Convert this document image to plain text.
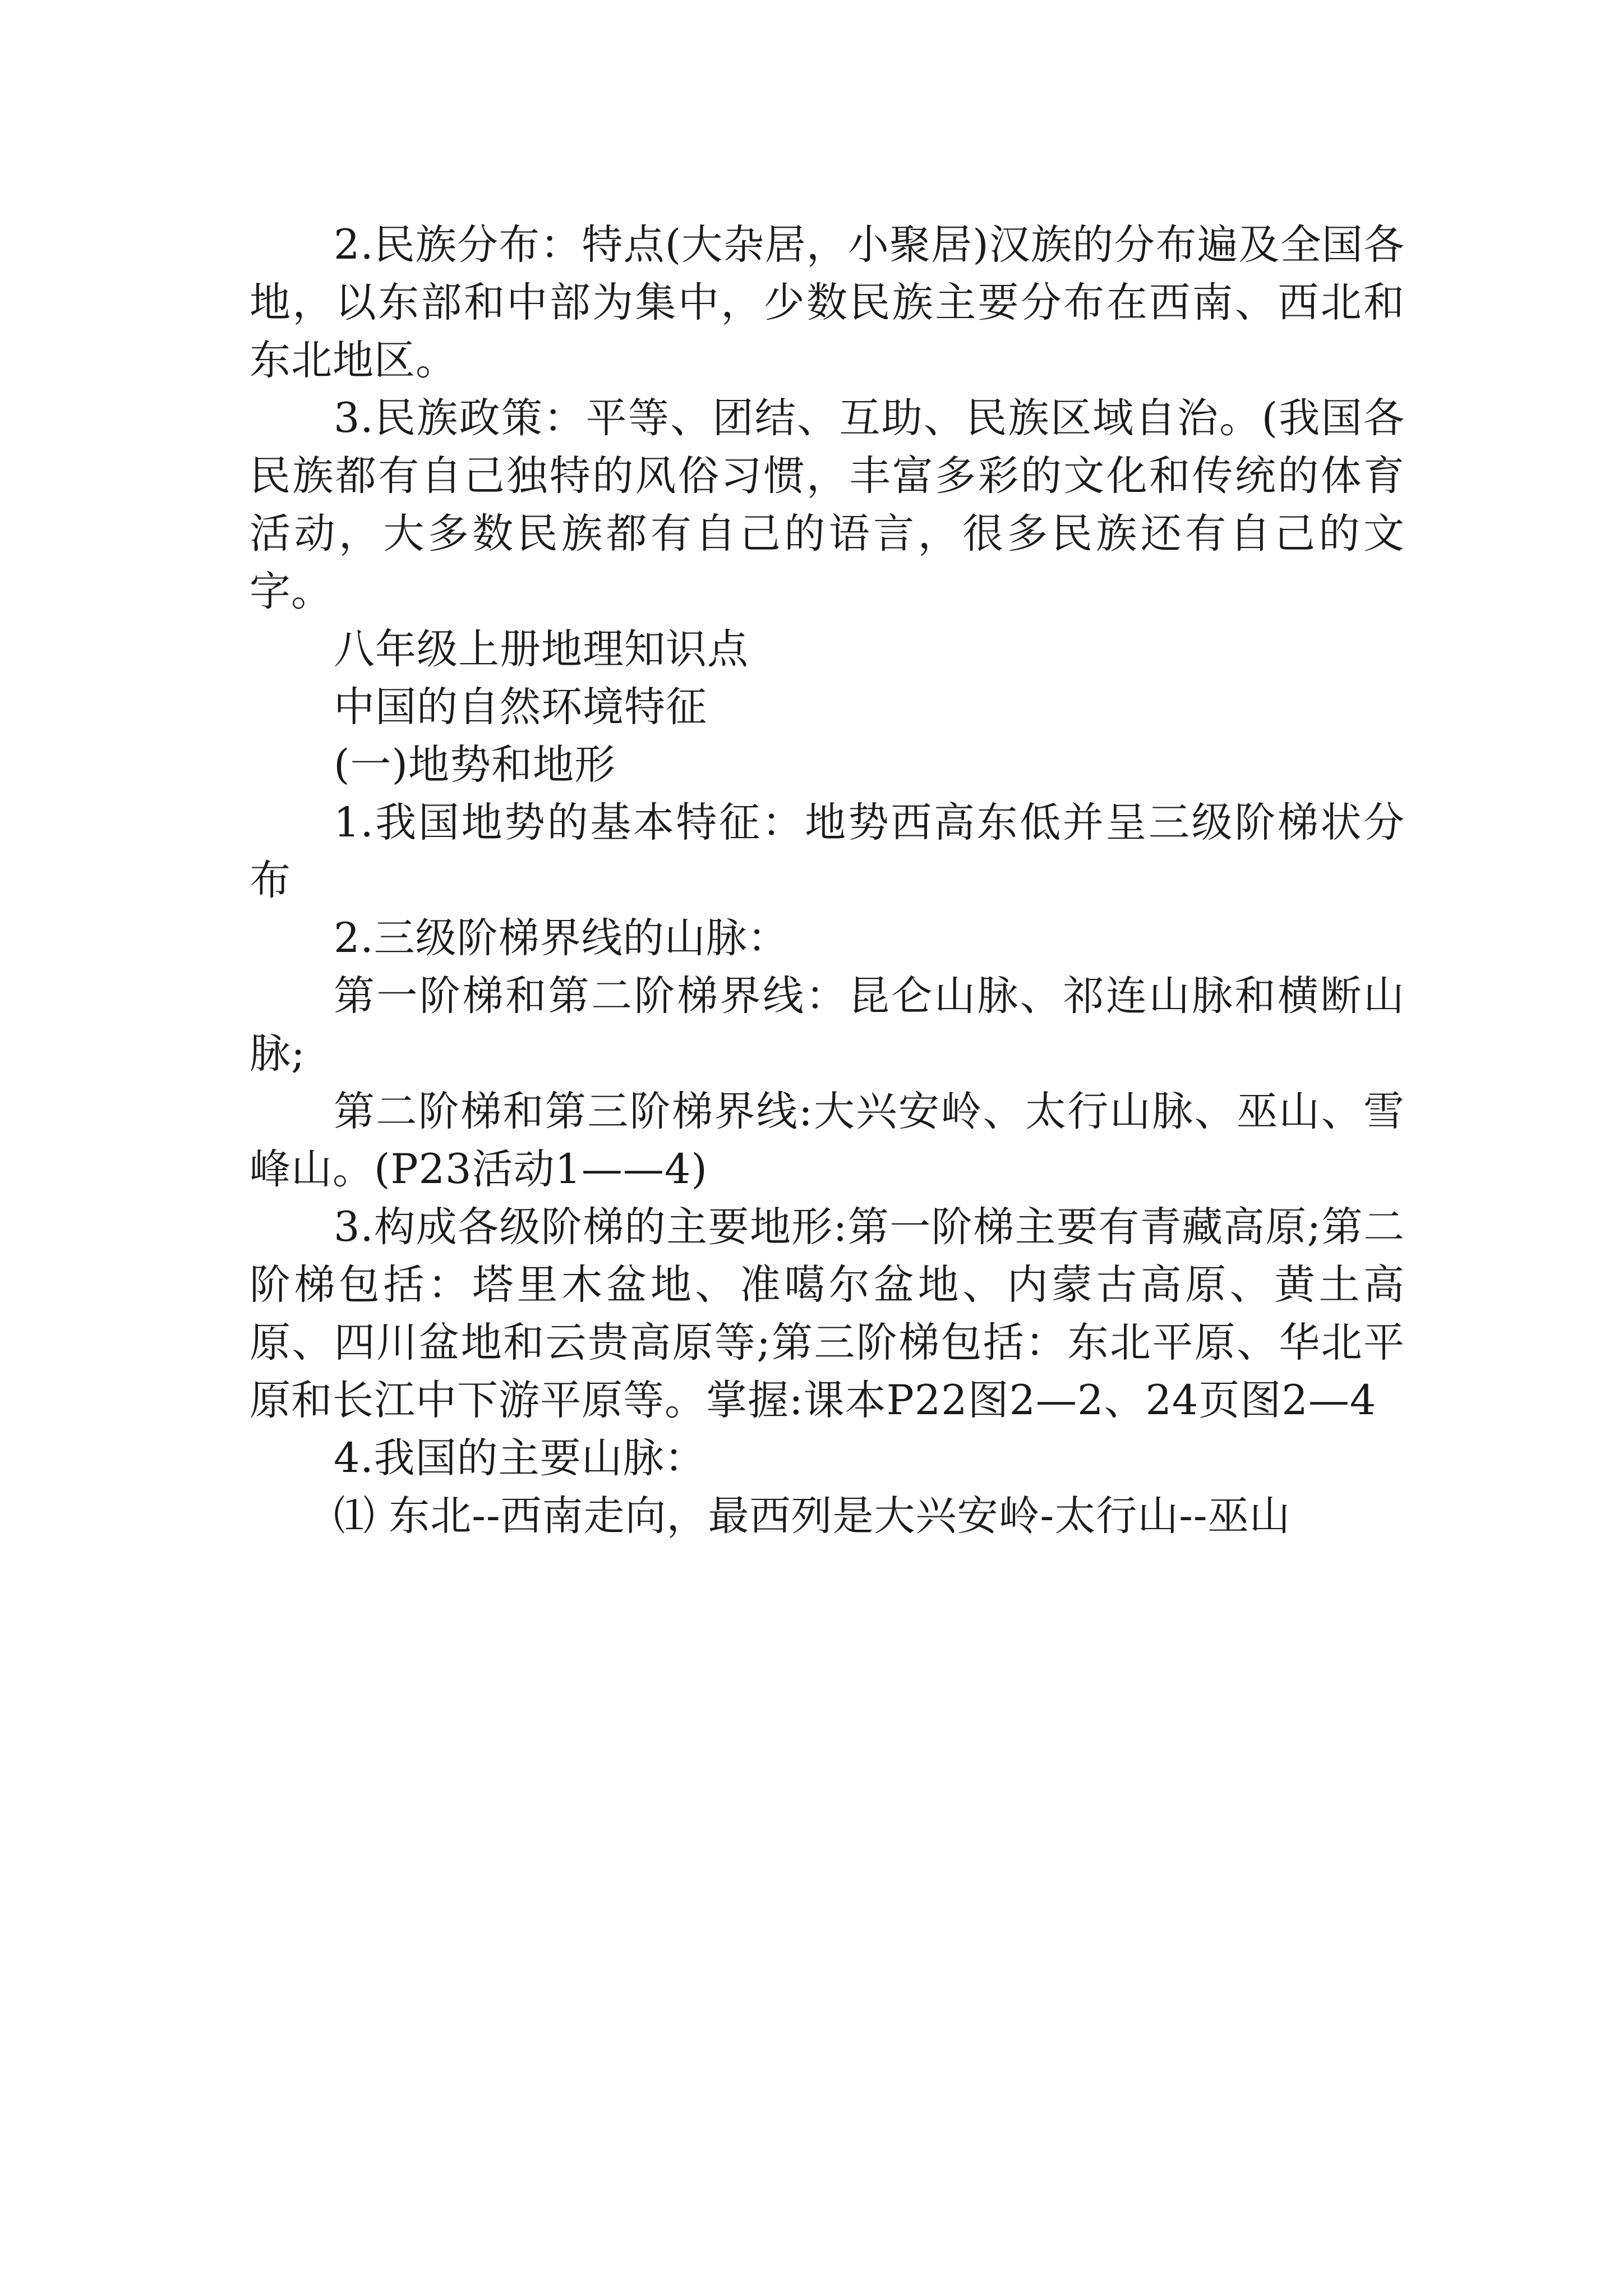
2.民族分布：特点(大杂居，小聚居)汉族的分布遍及全国各地，以东部和中部为集中，少数民族主要分布在西南、西北和东北地区。

3.民族政策：平等、团结、互助、民族区域自治。(我国各民族都有自己独特的风俗习惯，丰富多彩的文化和传统的体育活动，大多数民族都有自己的语言，很多民族还有自己的文字。

八年级上册地理知识点

中国的自然环境特征

(一)地势和地形

1.我国地势的基本特征：地势西高东低并呈三级阶梯状分布

2.三级阶梯界线的山脉：

第一阶梯和第二阶梯界线：昆仑山脉、祁连山脉和横断山脉;

第二阶梯和第三阶梯界线:大兴安岭、太行山脉、巫山、雪峰山。(P23活动1——4)

3.构成各级阶梯的主要地形:第一阶梯主要有青藏高原;第二阶梯包括：塔里木盆地、准噶尔盆地、内蒙古高原、黄土高原、四川盆地和云贵高原等;第三阶梯包括：东北平原、华北平原和长江中下游平原等。掌握:课本P22图2—2、24页图2—4

4.我国的主要山脉：

⑴ 东北--西南走向，最西列是大兴安岭-太行山--巫山
